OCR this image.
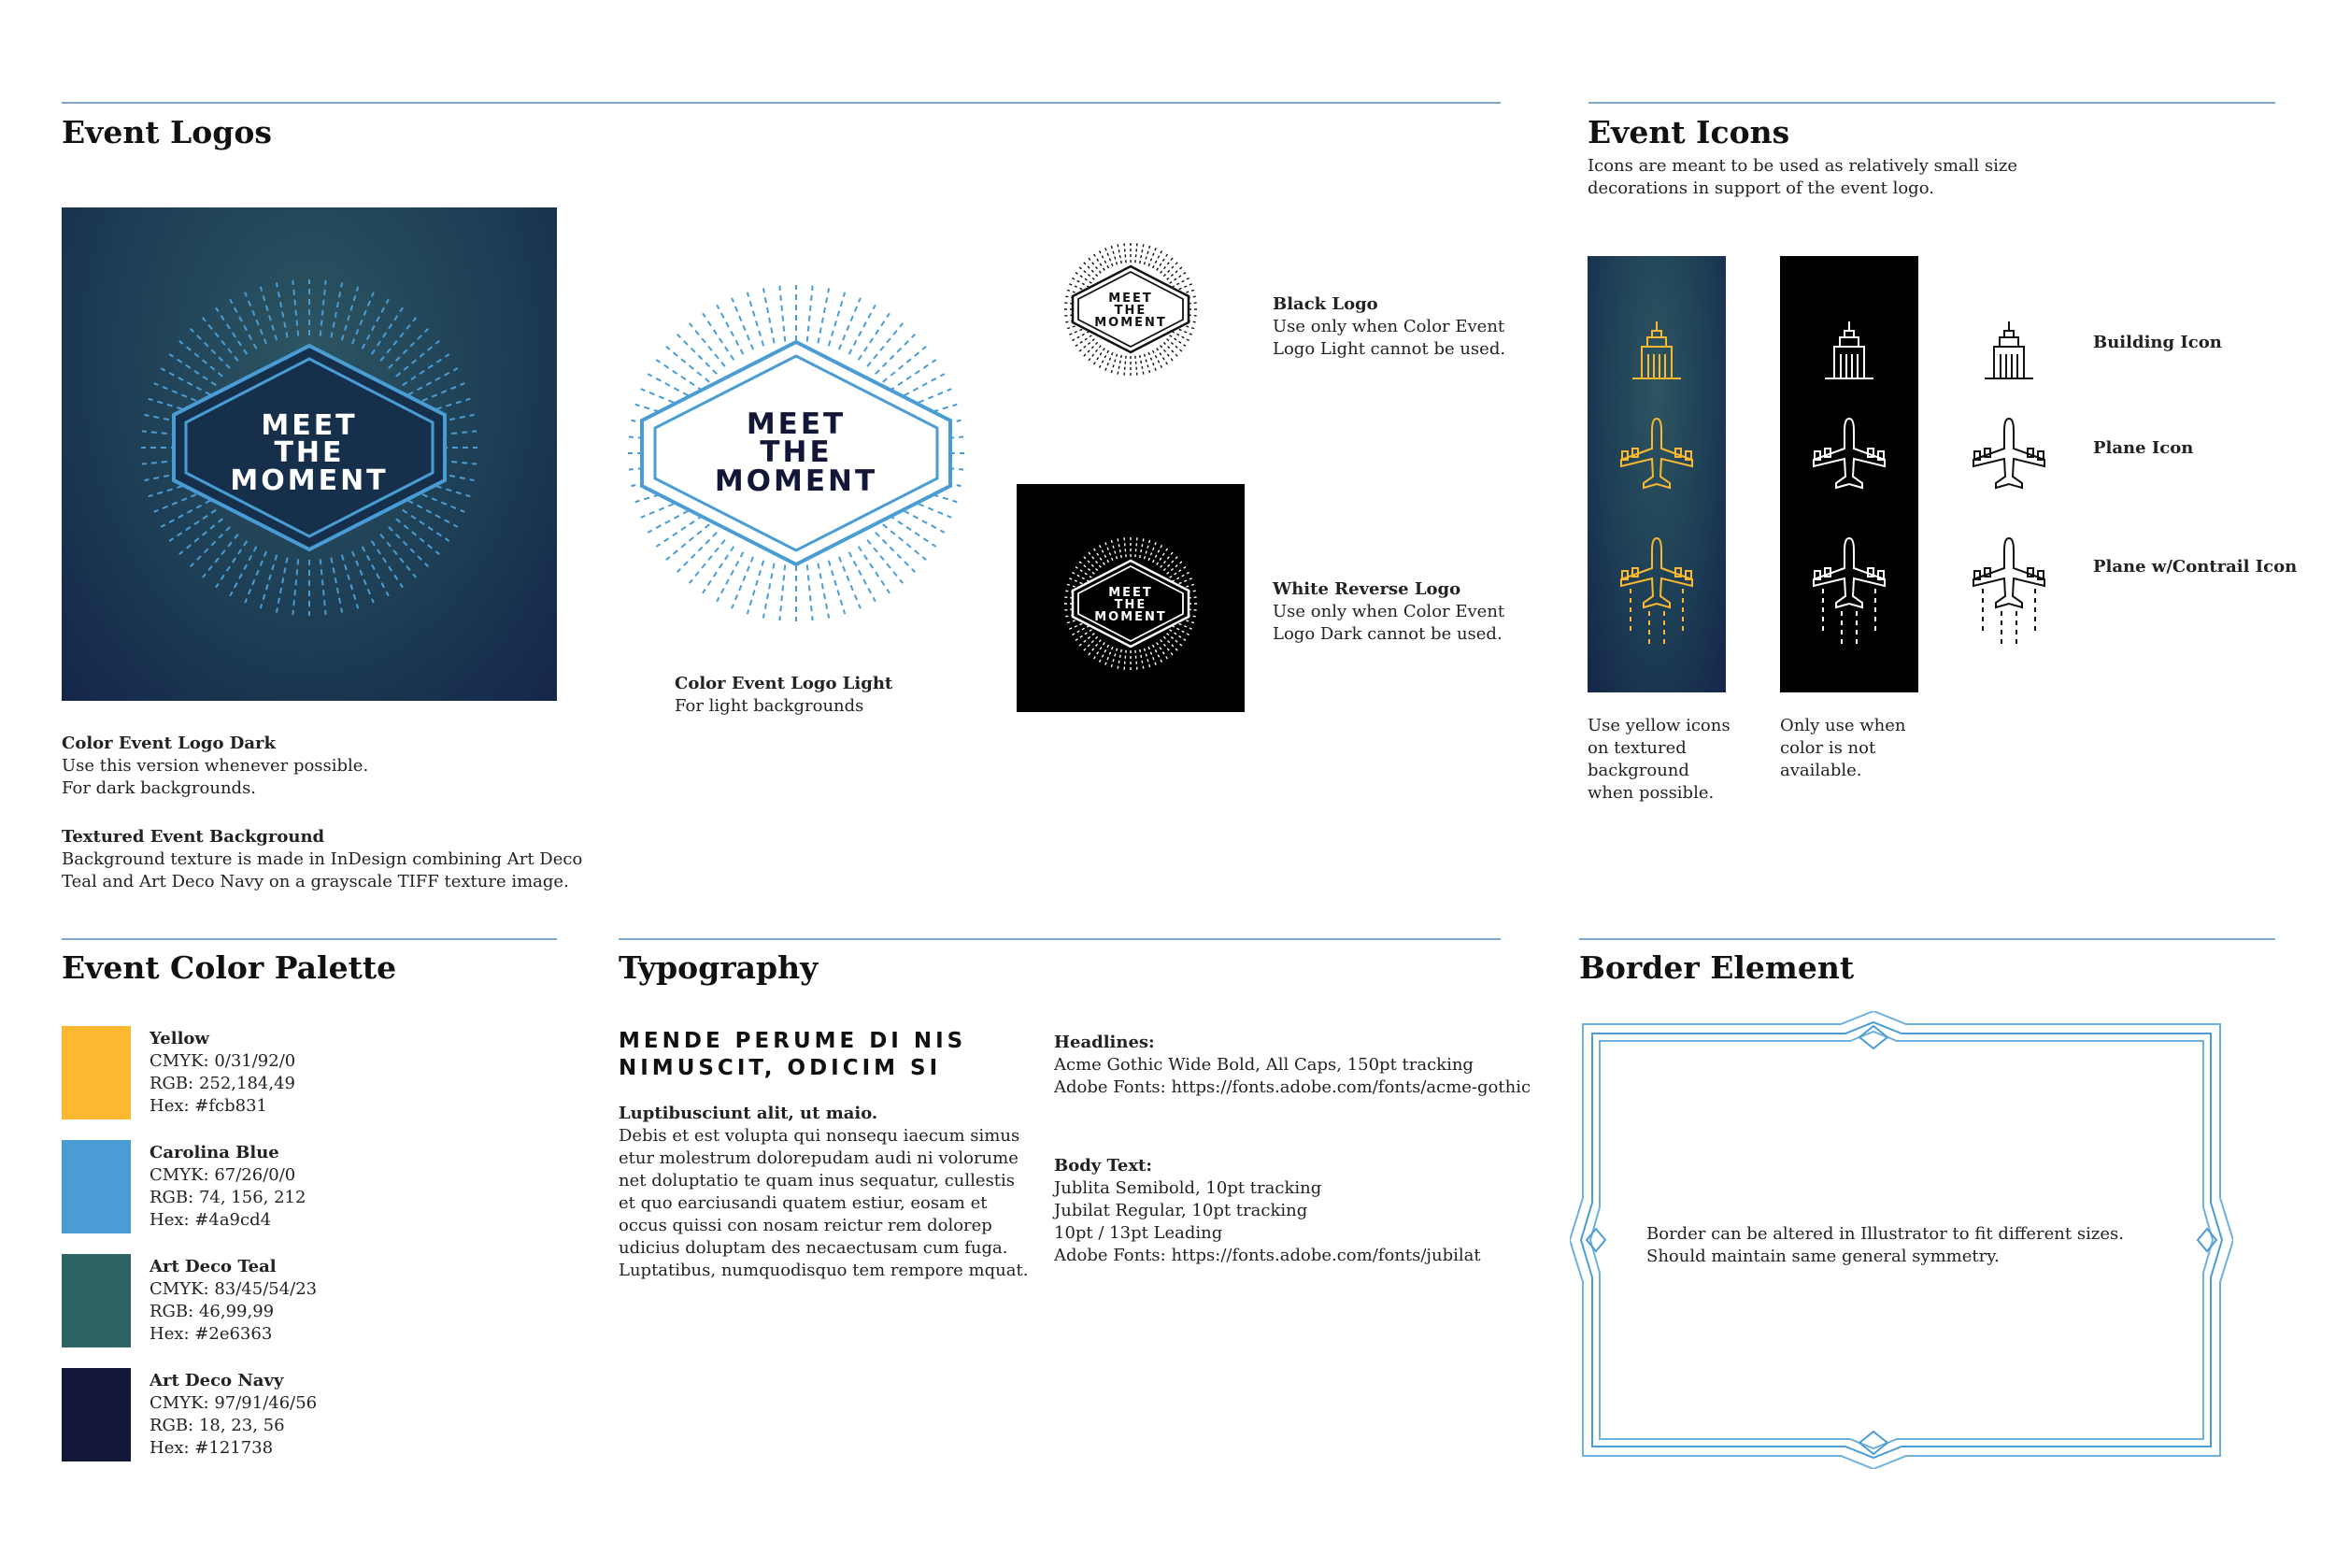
Event Logos	Event Icons
Event Color Palette	Typography	Border Element
MEET
THE
MOMENT
Color Event Logo Dark
Use this version whenever possible.
For dark backgrounds.
Textured Event Background
Background texture is made in InDesign combining Art Deco
Teal and Art Deco Navy on a grayscale TIFF texture image.
MEET
THE
MOMENT
Color Event Logo Light
For light backgrounds
MEET
THE
MOMENT
Black Logo
Use only when Color Event
Logo Light cannot be used.
MEET
THE
MOMENT
White Reverse Logo
Use only when Color Event
Logo Dark cannot be used.
Icons are meant to be used as relatively small size
decorations in support of the event logo.
Building Icon
Plane Icon
Plane w/Contrail Icon
Use yellow icons
on textured
background
when possible.
Only use when
color is not
available.
Yellow
CMYK: 0/31/92/0
RGB: 252,184,49
Hex: #fcb831
Carolina Blue
CMYK: 67/26/0/0
RGB: 74, 156, 212
Hex: #4a9cd4
Art Deco Teal
CMYK: 83/45/54/23
RGB: 46,99,99
Hex: #2e6363
Art Deco Navy
CMYK: 97/91/46/56
RGB: 18, 23, 56
Hex: #121738
MENDE PERUME DI NIS
NIMUSCIT, ODICIM SI
Luptibusciunt alit, ut maio.
Debis et est volupta qui nonsequ iaecum simus
etur molestrum dolorepudam audi ni volorume
net doluptatio te quam inus sequatur, cullestis
et quo earciusandi quatem estiur, eosam et
occus quissi con nosam reictur rem dolorep
udicius doluptam des necaectusam cum fuga.
Luptatibus, numquodisquo tem rempore mquat.
Headlines:
Acme Gothic Wide Bold, All Caps, 150pt tracking
Adobe Fonts: https://fonts.adobe.com/fonts/acme-gothic
Body Text:
Jublita Semibold, 10pt tracking
Jubilat Regular, 10pt tracking
10pt / 13pt Leading
Adobe Fonts: https://fonts.adobe.com/fonts/jubilat
Border can be altered in Illustrator to fit different sizes.
Should maintain same general symmetry.
